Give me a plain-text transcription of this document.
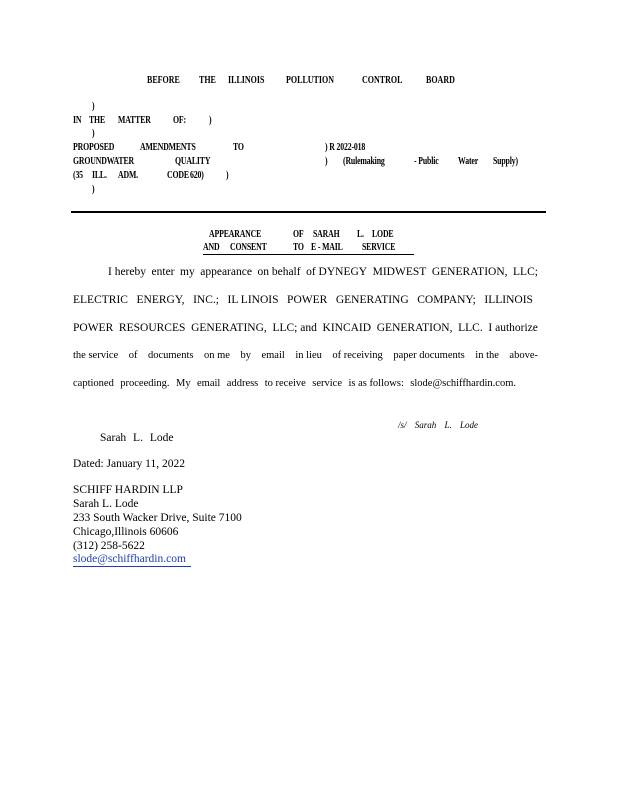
BEFORE THE ILLINOIS POLLUTION	CONTROL BOARD
)
IN THE MATTER OF: )
)
PROPOSED	AMENDMENTS	TO	) R 2022-018
GROUNDWATER	QUALITY	) (Rulemaking	- Public Water Supply)
(35 ILL. ADM.	CODE 620) )
)
APPEARANCE	OF SARAH L. LODE
AND CONSENT	TO E - MAIL SERVICE
I hereby enter my appearance on behalf of DYNEGY MIDWEST GENERATION, LLC;
ELECTRIC ENERGY, INC.; IL LINOIS POWER GENERATING COMPANY; ILLINOIS
POWER RESOURCES GENERATING, LLC; and KINCAID GENERATION, LLC. I authorize
the service of documents on me by email in lieu of receiving paper documents in the above-
captioned proceeding. My email address to receive service is as follows: slode@schiffhardin.com.
/s/ Sarah L. Lode
Sarah L. Lode
Dated: January 11, 2022
SCHIFF HARDIN LLP
Sarah L. Lode
233 South Wacker Drive, Suite 7100
Chicago,Illinois 60606
(312) 258-5622
slode@schiffhardin.com
